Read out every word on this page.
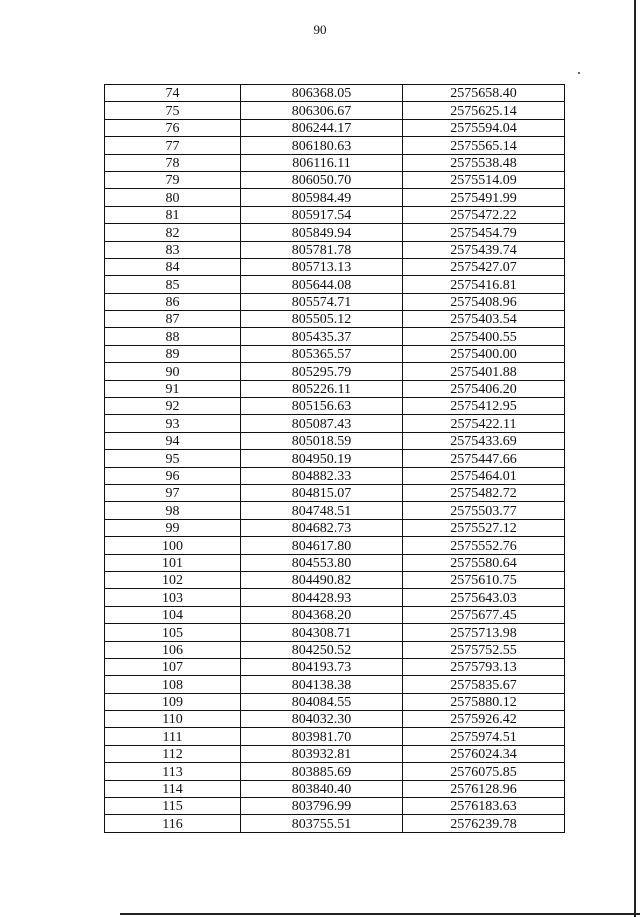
90
74	806368.05	2575658.40
75	806306.67	2575625.14
76	806244.17	2575594.04
77	806180.63	2575565.14
78	806116.11	2575538.48
79	806050.70	2575514.09
80	805984.49	2575491.99
81	805917.54	2575472.22
82	805849.94	2575454.79
83	805781.78	2575439.74
84	805713.13	2575427.07
85	805644.08	2575416.81
86	805574.71	2575408.96
87	805505.12	2575403.54
88	805435.37	2575400.55
89	805365.57	2575400.00
90	805295.79	2575401.88
91	805226.11	2575406.20
92	805156.63	2575412.95
93	805087.43	2575422.11
94	805018.59	2575433.69
95	804950.19	2575447.66
96	804882.33	2575464.01
97	804815.07	2575482.72
98	804748.51	2575503.77
99	804682.73	2575527.12
100	804617.80	2575552.76
101	804553.80	2575580.64
102	804490.82	2575610.75
103	804428.93	2575643.03
104	804368.20	2575677.45
105	804308.71	2575713.98
106	804250.52	2575752.55
107	804193.73	2575793.13
108	804138.38	2575835.67
109	804084.55	2575880.12
110	804032.30	2575926.42
111	803981.70	2575974.51
112	803932.81	2576024.34
113	803885.69	2576075.85
114	803840.40	2576128.96
115	803796.99	2576183.63
116	803755.51	2576239.78
